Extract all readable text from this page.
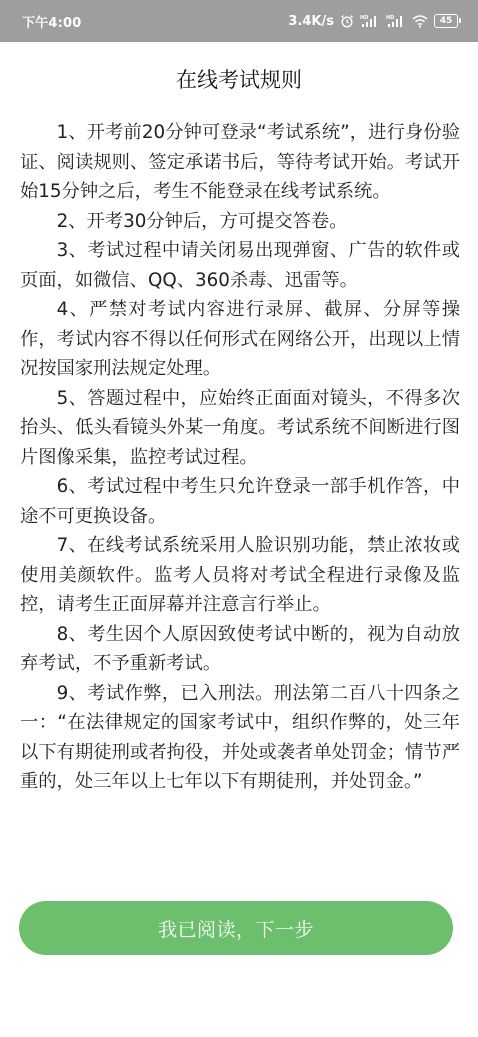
下午4:00	3.4K/s	HD	HD	45
在线考试规则

1、开考前20分钟可登录“考试系统”，进行身份验证、阅读规则、签定承诺书后，等待考试开始。考试开始15分钟之后，考生不能登录在线考试系统。

2、开考30分钟后，方可提交答卷。

3、考试过程中请关闭易出现弹窗、广告的软件或页面，如微信、QQ、360杀毒、迅雷等。

4、严禁对考试内容进行录屏、截屏、分屏等操作，考试内容不得以任何形式在网络公开，出现以上情况按国家刑法规定处理。

5、答题过程中，应始终正面面对镜头，不得多次抬头、低头看镜头外某一角度。考试系统不间断进行图片图像采集，监控考试过程。

6、考试过程中考生只允许登录一部手机作答，中途不可更换设备。

7、在线考试系统采用人脸识别功能，禁止浓妆或使用美颜软件。监考人员将对考试全程进行录像及监控，请考生正面屏幕并注意言行举止。

8、考生因个人原因致使考试中断的，视为自动放弃考试，不予重新考试。

9、考试作弊，已入刑法。刑法第二百八十四条之一：“在法律规定的国家考试中，组织作弊的，处三年以下有期徒刑或者拘役，并处或袭者单处罚金；情节严重的，处三年以上七年以下有期徒刑，并处罚金。”

我已阅读，下一步
